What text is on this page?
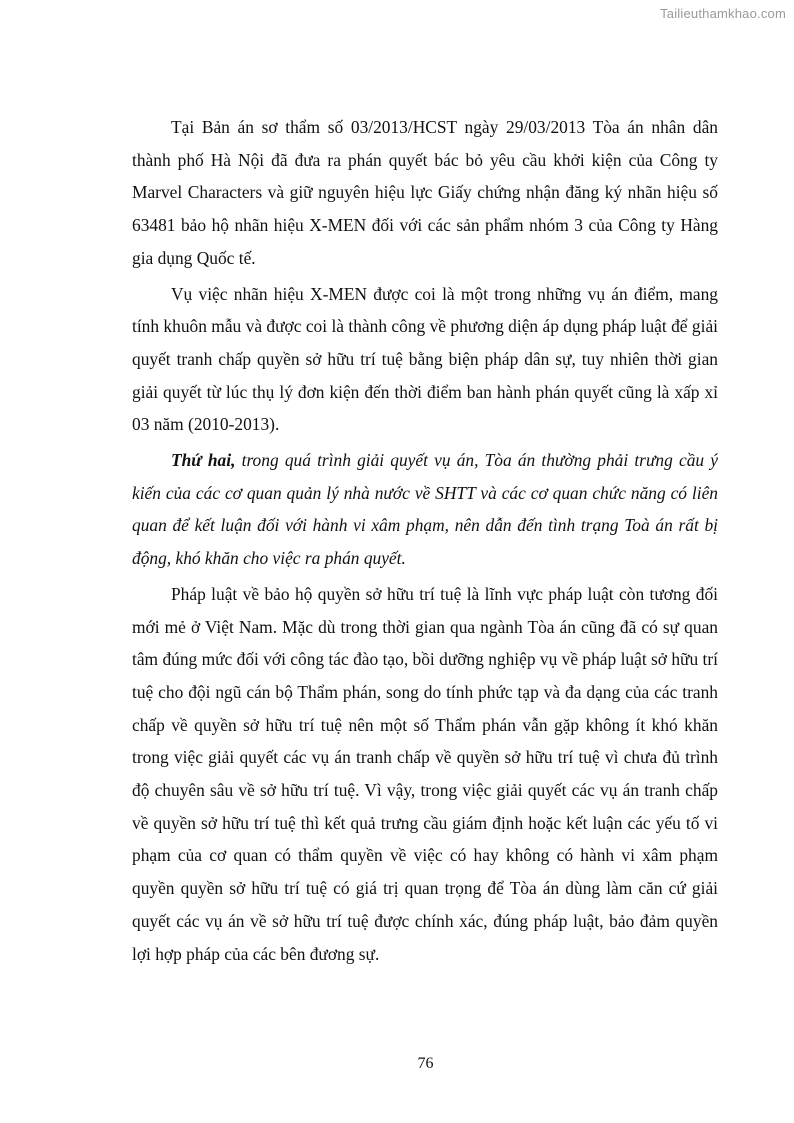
Tailieuthamkhao.com

Tại Bản án sơ thẩm số 03/2013/HCST ngày 29/03/2013 Tòa án nhân dân thành phố Hà Nội đã đưa ra phán quyết bác bỏ yêu cầu khởi kiện của Công ty Marvel Characters và giữ nguyên hiệu lực Giấy chứng nhận đăng ký nhãn hiệu số 63481 bảo hộ nhãn hiệu X-MEN đối với các sản phẩm nhóm 3 của Công ty Hàng gia dụng Quốc tế.

Vụ việc nhãn hiệu X-MEN được coi là một trong những vụ án điểm, mang tính khuôn mẫu và được coi là thành công về phương diện áp dụng pháp luật để giải quyết tranh chấp quyền sở hữu trí tuệ bằng biện pháp dân sự, tuy nhiên thời gian giải quyết từ lúc thụ lý đơn kiện đến thời điểm ban hành phán quyết cũng là xấp xỉ 03 năm (2010-2013).

Thứ hai, trong quá trình giải quyết vụ án, Tòa án thường phải trưng cầu ý kiến của các cơ quan quản lý nhà nước về SHTT và các cơ quan chức năng có liên quan để kết luận đối với hành vi xâm phạm, nên dẫn đến tình trạng Toà án rất bị động, khó khăn cho việc ra phán quyết.

Pháp luật về bảo hộ quyền sở hữu trí tuệ là lĩnh vực pháp luật còn tương đối mới mẻ ở Việt Nam. Mặc dù trong thời gian qua ngành Tòa án cũng đã có sự quan tâm đúng mức đối với công tác đào tạo, bồi dưỡng nghiệp vụ về pháp luật sở hữu trí tuệ cho đội ngũ cán bộ Thẩm phán, song do tính phức tạp và đa dạng của các tranh chấp về quyền sở hữu trí tuệ nên một số Thẩm phán vẫn gặp không ít khó khăn trong việc giải quyết các vụ án tranh chấp về quyền sở hữu trí tuệ vì chưa đủ trình độ chuyên sâu về sở hữu trí tuệ. Vì vậy, trong việc giải quyết các vụ án tranh chấp về quyền sở hữu trí tuệ thì kết quả trưng cầu giám định hoặc kết luận các yếu tố vi phạm của cơ quan có thẩm quyền về việc có hay không có hành vi xâm phạm quyền quyền sở hữu trí tuệ có giá trị quan trọng để Tòa án dùng làm căn cứ giải quyết các vụ án về sở hữu trí tuệ được chính xác, đúng pháp luật, bảo đảm quyền lợi hợp pháp của các bên đương sự.

76
